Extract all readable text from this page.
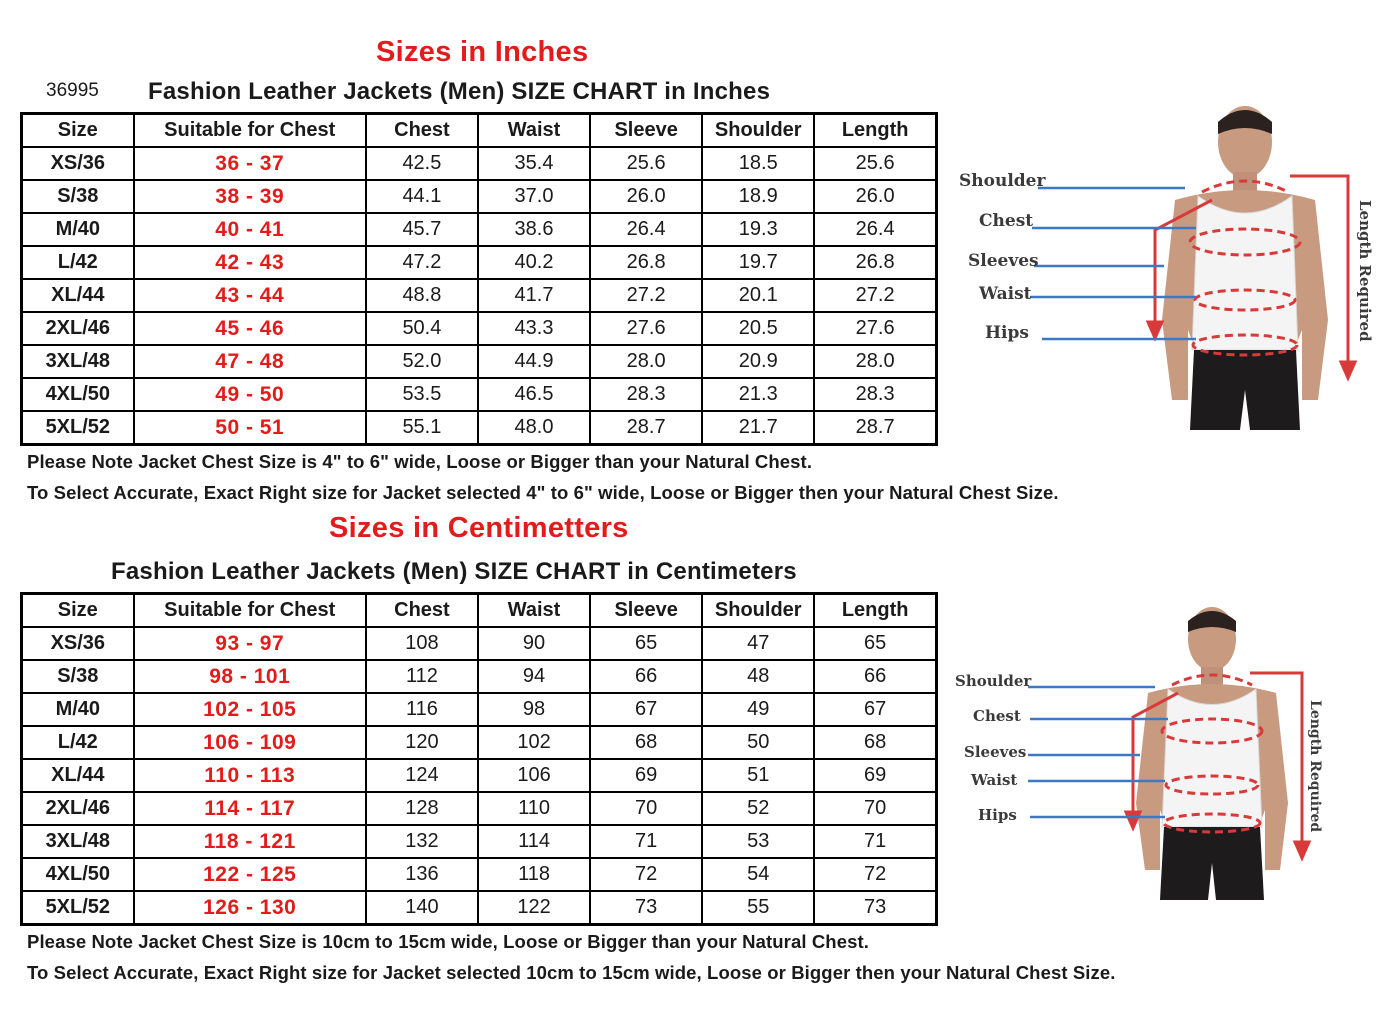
Sizes in Inches
36995 Fashion Leather Jackets (Men) SIZE CHART in Inches
Size	Suitable for Chest	Chest	Waist	Sleeve	Shoulder	Length
XS/36	36 - 37	42.5	35.4	25.6	18.5	25.6
S/38	38 - 39	44.1	37.0	26.0	18.9	26.0
M/40	40 - 41	45.7	38.6	26.4	19.3	26.4
L/42	42 - 43	47.2	40.2	26.8	19.7	26.8
XL/44	43 - 44	48.8	41.7	27.2	20.1	27.2
2XL/46	45 - 46	50.4	43.3	27.6	20.5	27.6
3XL/48	47 - 48	52.0	44.9	28.0	20.9	28.0
4XL/50	49 - 50	53.5	46.5	28.3	21.3	28.3
5XL/52	50 - 51	55.1	48.0	28.7	21.7	28.7
Please Note Jacket Chest Size is 4" to 6" wide, Loose or Bigger than your Natural Chest.
To Select Accurate, Exact Right size for Jacket selected 4" to 6" wide, Loose or Bigger then your Natural Chest Size.
Sizes in Centimetters
Fashion Leather Jackets (Men) SIZE CHART in Centimeters
Size	Suitable for Chest	Chest	Waist	Sleeve	Shoulder	Length
XS/36	93 - 97	108	90	65	47	65
S/38	98 - 101	112	94	66	48	66
M/40	102 - 105	116	98	67	49	67
L/42	106 - 109	120	102	68	50	68
XL/44	110 - 113	124	106	69	51	69
2XL/46	114 - 117	128	110	70	52	70
3XL/48	118 - 121	132	114	71	53	71
4XL/50	122 - 125	136	118	72	54	72
5XL/52	126 - 130	140	122	73	55	73
Please Note Jacket Chest Size is 10cm to 15cm wide, Loose or Bigger than your Natural Chest.
To Select Accurate, Exact Right size for Jacket selected 10cm to 15cm wide, Loose or Bigger then your Natural Chest Size.
Shoulder
Chest
Sleeves
Waist
Hips	Length Required
Shoulder
Chest
Sleeves
Waist
Hips	Length Required
